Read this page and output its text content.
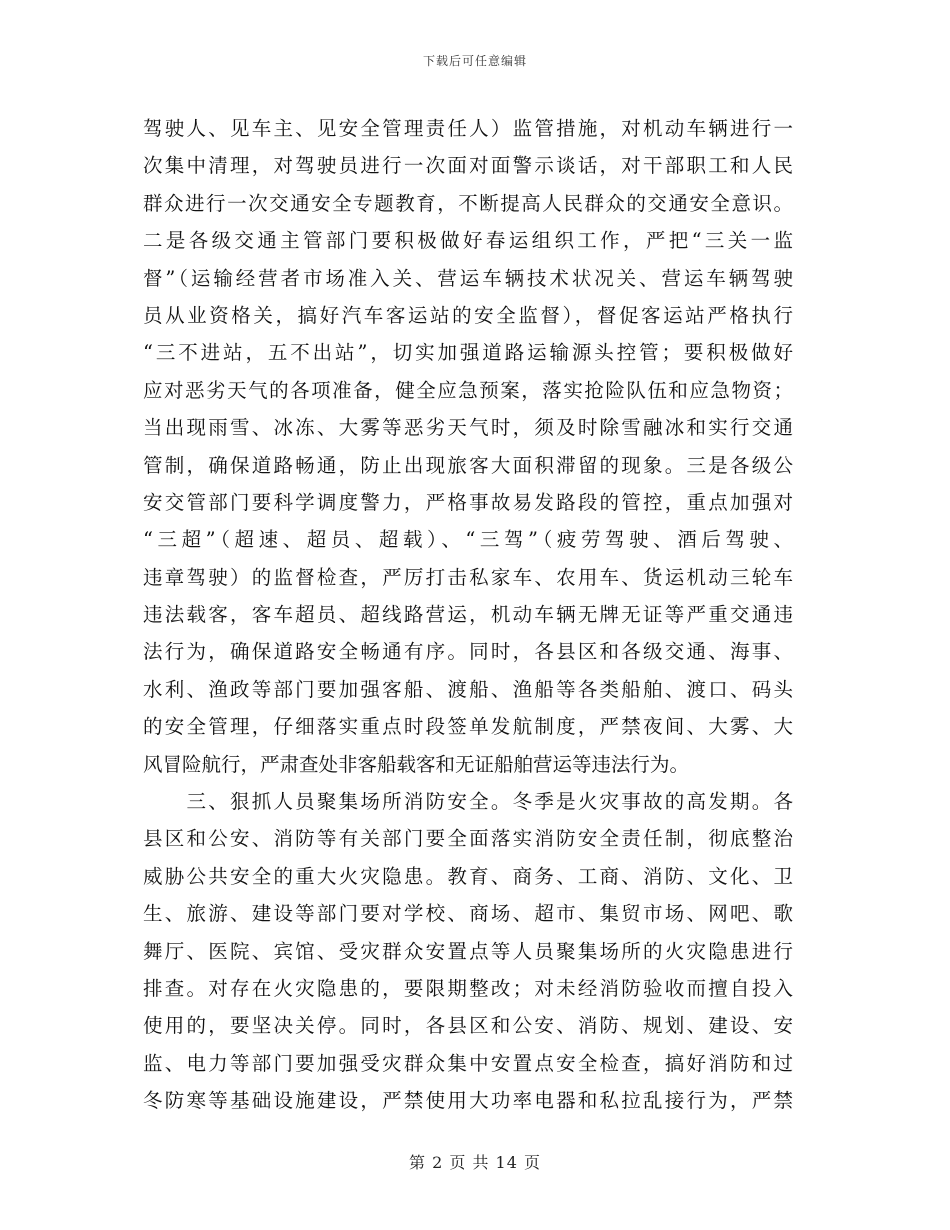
下载后可任意编辑
驾驶人、见车主、见安全管理责任人）监管措施，对机动车辆进行一
次集中清理，对驾驶员进行一次面对面警示谈话，对干部职工和人民
群众进行一次交通安全专题教育，不断提高人民群众的交通安全意识。
二是各级交通主管部门要积极做好春运组织工作，严把“三关一监
督”（运输经营者市场准入关、营运车辆技术状况关、营运车辆驾驶
员从业资格关，搞好汽车客运站的安全监督），督促客运站严格执行
“三不进站，五不出站”，切实加强道路运输源头控管；要积极做好
应对恶劣天气的各项准备，健全应急预案，落实抢险队伍和应急物资；
当出现雨雪、冰冻、大雾等恶劣天气时，须及时除雪融冰和实行交通
管制，确保道路畅通，防止出现旅客大面积滞留的现象。三是各级公
安交管部门要科学调度警力，严格事故易发路段的管控，重点加强对
“三超”（超速、超员、超载）、“三驾”（疲劳驾驶、酒后驾驶、
违章驾驶）的监督检查，严厉打击私家车、农用车、货运机动三轮车
违法载客，客车超员、超线路营运，机动车辆无牌无证等严重交通违
法行为，确保道路安全畅通有序。同时，各县区和各级交通、海事、
水利、渔政等部门要加强客船、渡船、渔船等各类船舶、渡口、码头
的安全管理，仔细落实重点时段签单发航制度，严禁夜间、大雾、大
风冒险航行，严肃查处非客船载客和无证船舶营运等违法行为。
　　三、狠抓人员聚集场所消防安全。冬季是火灾事故的高发期。各
县区和公安、消防等有关部门要全面落实消防安全责任制，彻底整治
威胁公共安全的重大火灾隐患。教育、商务、工商、消防、文化、卫
生、旅游、建设等部门要对学校、商场、超市、集贸市场、网吧、歌
舞厅、医院、宾馆、受灾群众安置点等人员聚集场所的火灾隐患进行
排查。对存在火灾隐患的，要限期整改；对未经消防验收而擅自投入
使用的，要坚决关停。同时，各县区和公安、消防、规划、建设、安
监、电力等部门要加强受灾群众集中安置点安全检查，搞好消防和过
冬防寒等基础设施建设，严禁使用大功率电器和私拉乱接行为，严禁
第 2 页 共 14 页
